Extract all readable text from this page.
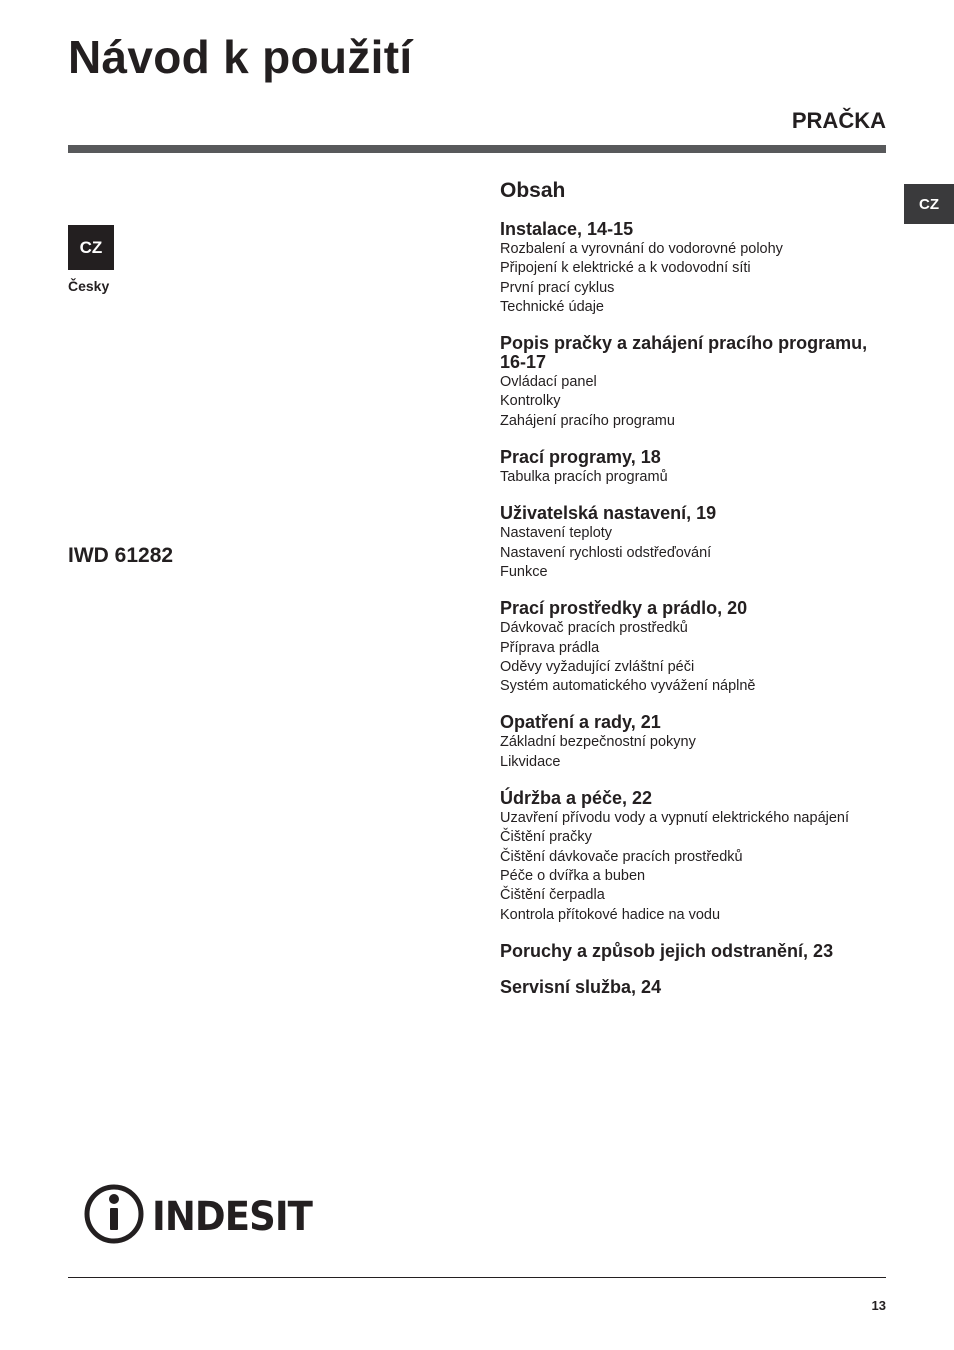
Návod k použití
PRAČKA
CZ
CZ
Česky
IWD 61282
Obsah
Instalace, 14-15
Rozbalení a vyrovnání do vodorovné polohy
Připojení k elektrické a k vodovodní síti
První prací cyklus
Technické údaje
Popis pračky a zahájení pracího programu, 16-17
Ovládací panel
Kontrolky
Zahájení pracího programu
Prací programy, 18
Tabulka pracích programů
Uživatelská nastavení, 19
Nastavení teploty
Nastavení rychlosti odstřeďování
Funkce
Prací prostředky a prádlo, 20
Dávkovač pracích prostředků
Příprava prádla
Oděvy vyžadující zvláštní péči
Systém automatického vyvážení náplně
Opatření a rady, 21
Základní bezpečnostní pokyny
Likvidace
Údržba a péče, 22
Uzavření přívodu vody a vypnutí elektrického napájení
Čištění pračky
Čištění dávkovače pracích prostředků
Péče o dvířka a buben
Čištění čerpadla
Kontrola přítokové hadice na vodu
Poruchy a způsob jejich odstranění, 23
Servisní služba, 24
INDESIT
13
